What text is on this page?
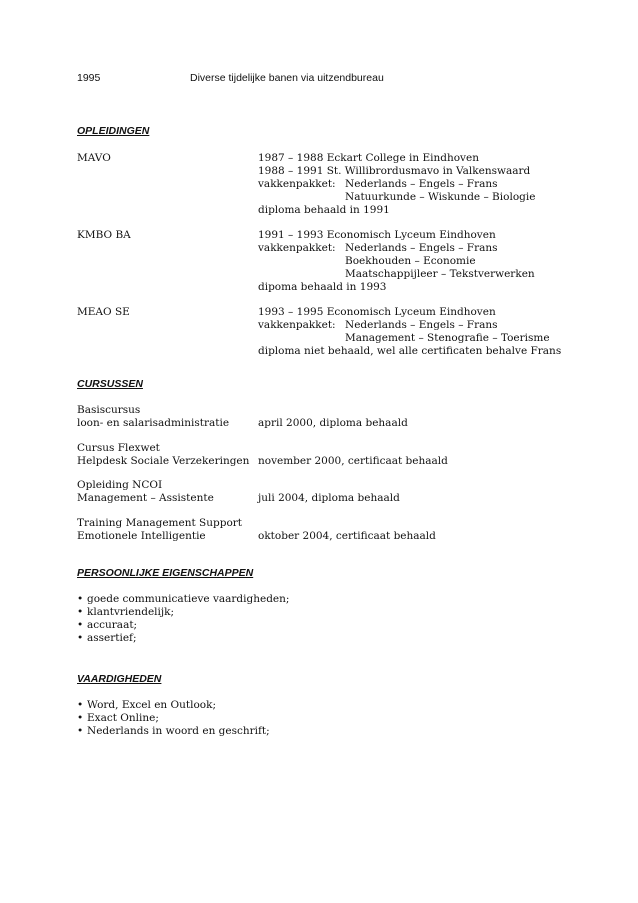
1995	Diverse tijdelijke banen via uitzendbureau
OPLEIDINGEN
MAVO	1987 – 1988 Eckart College in Eindhoven
1988 – 1991 St. Willibrordusmavo in Valkenswaard
vakkenpakket: Nederlands – Engels – Frans
Natuurkunde – Wiskunde – Biologie
diploma behaald in 1991
KMBO BA	1991 – 1993 Economisch Lyceum Eindhoven
vakkenpakket: Nederlands – Engels – Frans
Boekhouden – Economie
Maatschappijleer – Tekstverwerken
dipoma behaald in 1993
MEAO SE	1993 – 1995 Economisch Lyceum Eindhoven
vakkenpakket: Nederlands – Engels – Frans
Management – Stenografie – Toerisme
diploma niet behaald, wel alle certificaten behalve Frans
CURSUSSEN
Basiscursus
loon- en salarisadministratie	april 2000, diploma behaald
Cursus Flexwet
Helpdesk Sociale Verzekeringen november 2000, certificaat behaald
Opleiding NCOI
Management – Assistente	juli 2004, diploma behaald
Training Management Support
Emotionele Intelligentie	oktober 2004, certificaat behaald
PERSOONLIJKE EIGENSCHAPPEN
• goede communicatieve vaardigheden;
• klantvriendelijk;
• accuraat;
• assertief;
VAARDIGHEDEN
• Word, Excel en Outlook;
• Exact Online;
• Nederlands in woord en geschrift;
